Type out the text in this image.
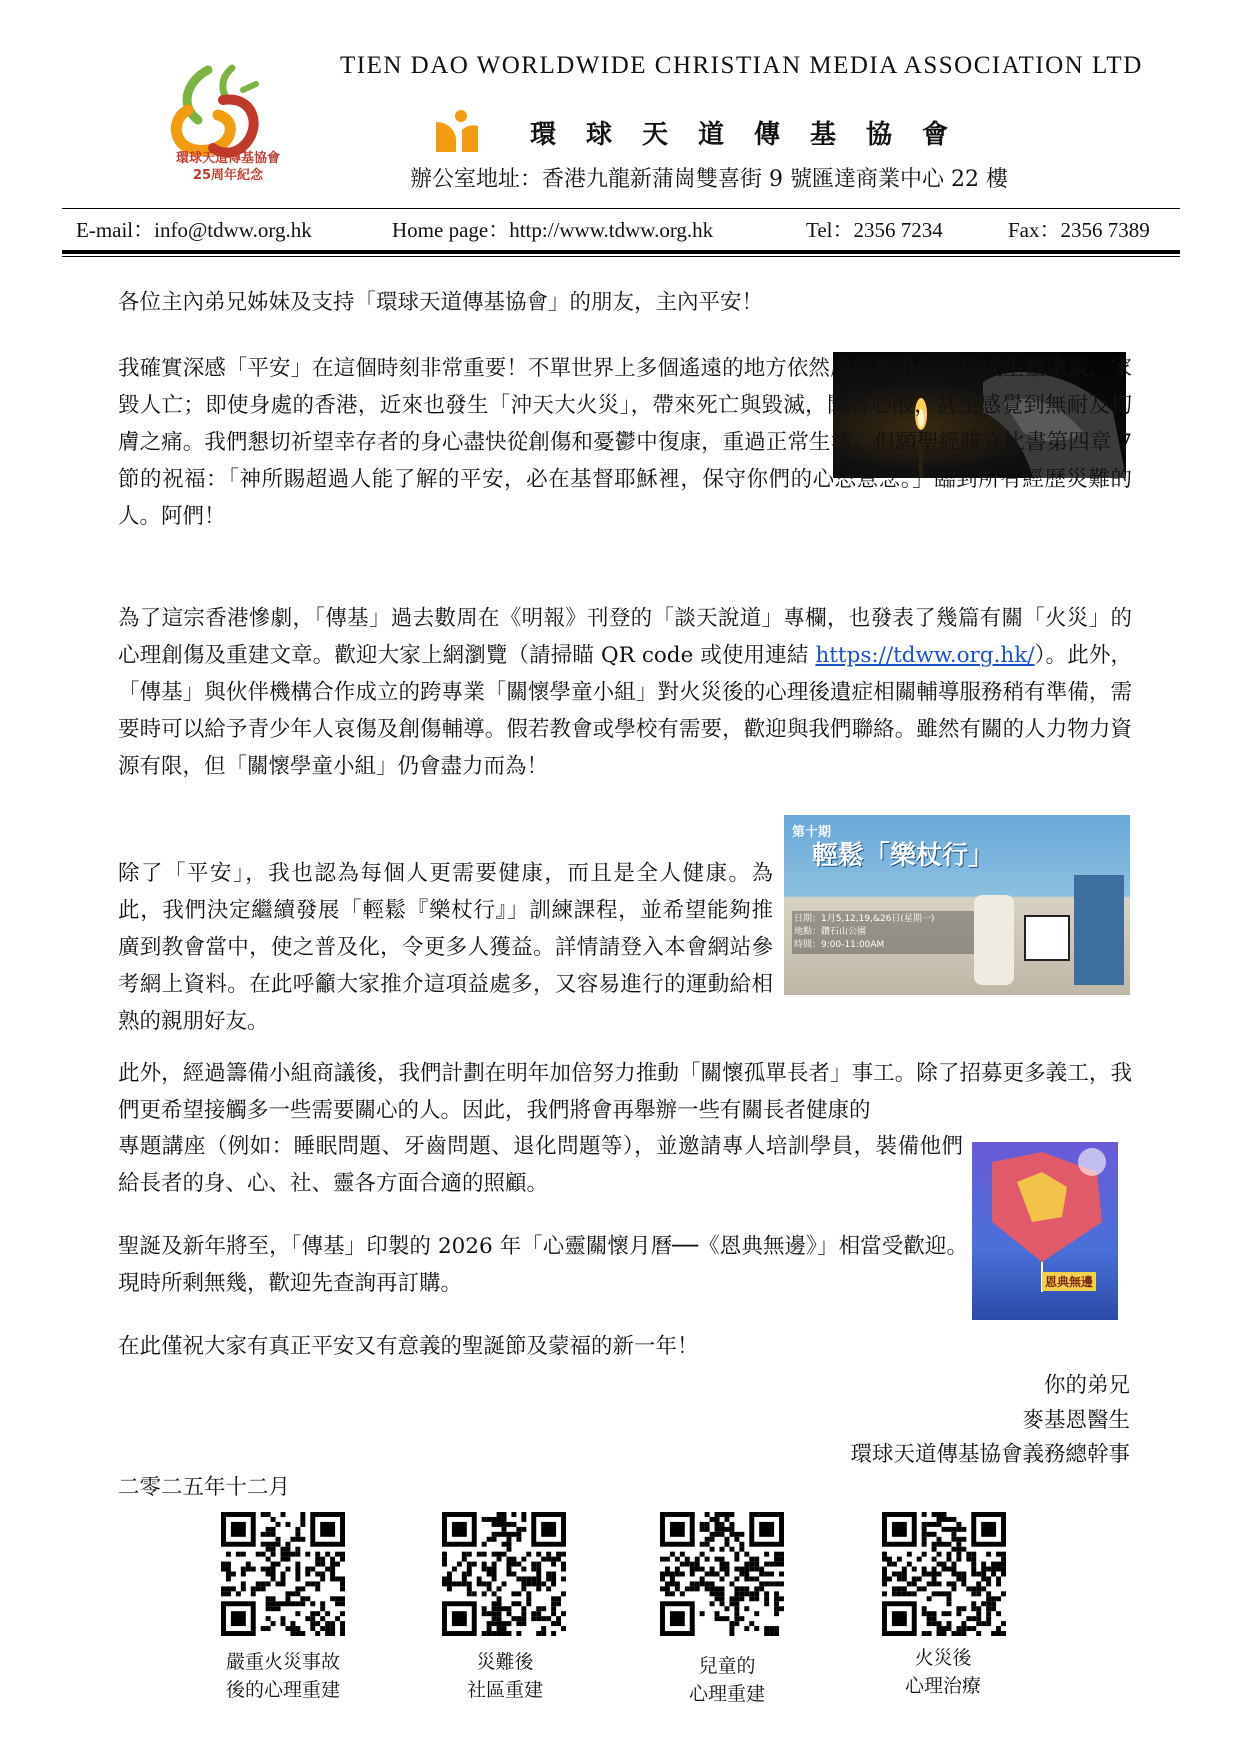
環球天道傳基協會
25周年紀念
TIEN DAO WORLDWIDE CHRISTIAN MEDIA ASSOCIATION LTD
環球天道傳基協會
辦公室地址：香港九龍新蒲崗雙喜街 9 號匯達商業中心 22 樓
E-mail：info@tdww.org.hk	Home page：http://www.tdww.org.hk	Tel：2356 7234	Fax：2356 7389
各位主內弟兄姊妹及支持「環球天道傳基協會」的朋友，主內平安！
我確實深感「平安」在這個時刻非常重要！不單世界上多個遙遠的地方依然處於戰爭中，造成生靈塗炭、家毀人亡；即使身處的香港，近來也發生「沖天大火災」，帶來死亡與毀滅，聞者心酸，甚至感覺到無耐及切膚之痛。我們懇切祈望幸存者的身心盡快從創傷和憂鬱中復康，重過正常生活。但願聖經腓立比書第四章 7 節的祝福：「神所賜超過人能了解的平安，必在基督耶穌裡，保守你們的心思意念。」臨到所有經歷災難的人。阿們！
為了這宗香港慘劇，「傳基」過去數周在《明報》刊登的「談天說道」專欄，也發表了幾篇有關「火災」的心理創傷及重建文章。歡迎大家上網瀏覽（請掃瞄 QR code 或使用連結 https://tdww.org.hk/）。此外，「傳基」與伙伴機構合作成立的跨專業「關懷學童小組」對火災後的心理後遺症相關輔導服務稍有準備，需要時可以給予青少年人哀傷及創傷輔導。假若教會或學校有需要，歡迎與我們聯絡。雖然有關的人力物力資源有限，但「關懷學童小組」仍會盡力而為！
第十期
輕鬆「樂杖行」
日期：1月5,12,19,&26日(星期一)
地點：鑽石山公園
時間：9:00-11:00AM
除了「平安」，我也認為每個人更需要健康，而且是全人健康。為此，我們決定繼續發展「輕鬆『樂杖行』」訓練課程，並希望能夠推廣到教會當中，使之普及化，令更多人獲益。詳情請登入本會網站參考網上資料。在此呼籲大家推介這項益處多，又容易進行的運動給相熟的親朋好友。
此外，經過籌備小組商議後，我們計劃在明年加倍努力推動「關懷孤單長者」事工。除了招募更多義工，我們更希望接觸多一些需要關心的人。因此，我們將會再舉辦一些有關長者健康的
專題講座（例如：睡眠問題、牙齒問題、退化問題等），並邀請專人培訓學員，裝備他們給長者的身、心、社、靈各方面合適的照顧。
恩典無邊
聖誕及新年將至，「傳基」印製的 2026 年「心靈關懷月曆──《恩典無邊》」相當受歡迎。現時所剩無幾，歡迎先查詢再訂購。
在此僅祝大家有真正平安又有意義的聖誕節及蒙福的新一年！
你的弟兄
麥基恩醫生
環球天道傳基協會義務總幹事
二零二五年十二月
嚴重火災事故
後的心理重建
災難後
社區重建
兒童的
心理重建
火災後
心理治療
